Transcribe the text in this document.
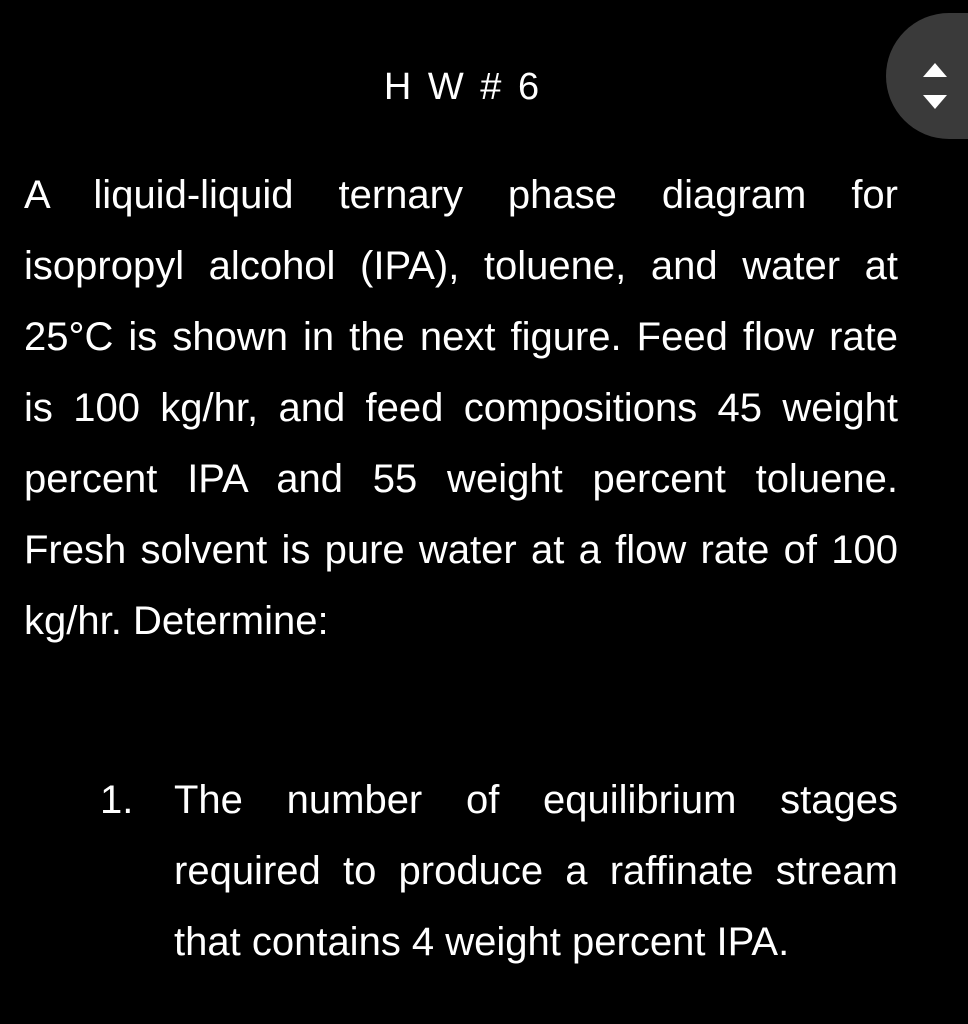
H W # 6
A liquid-liquid ternary phase diagram for isopropyl alcohol (IPA), toluene, and water at 25°C is shown in the next figure. Feed flow rate is 100 kg/hr, and feed compositions 45 weight percent IPA and 55 weight percent toluene. Fresh solvent is pure water at a flow rate of 100 kg/hr. Determine:
1. The number of equilibrium stages required to produce a raffinate stream that contains 4 weight percent IPA.
